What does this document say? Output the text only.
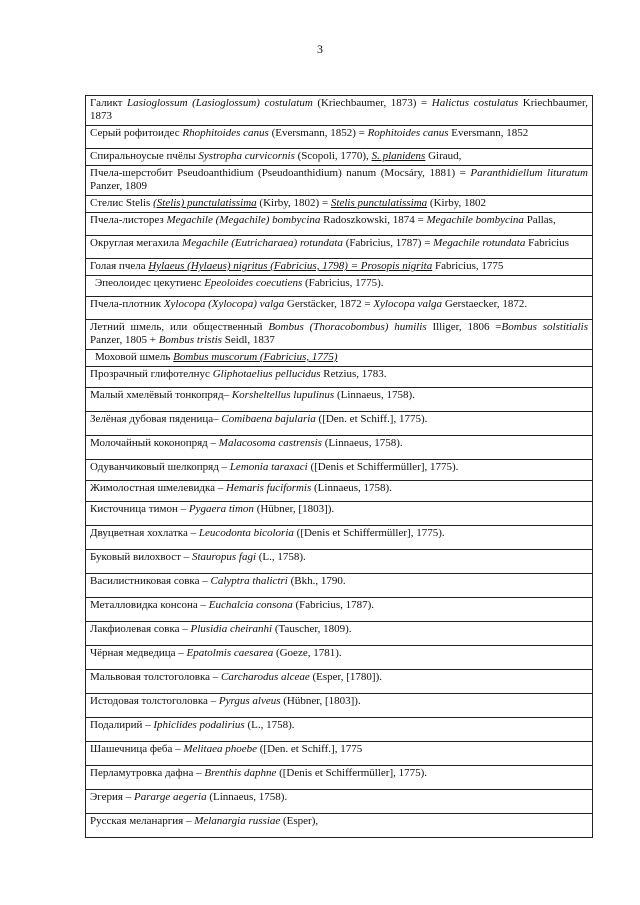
3
Галикт Lasioglossum (Lasioglossum) costulatum (Kriechbaumer, 1873) = Halictus costulatus Kriechbaumer, 1873
Серый рофитоидес Rhophitoides canus (Eversmann, 1852) = Rophitoides canus Eversmann, 1852
Спиральноусые пчёлы Systropha curvicornis (Scopoli, 1770), S. planidens Giraud,
Пчела-шерстобит Pseudoanthidium (Pseudoanthidium) nanum (Mocsáry, 1881) = Paranthidiellum lituratum Panzer, 1809
Стелис Stelis (Stelis) punctulatissima (Kirby, 1802) = Stelis punctulatissima (Kirby, 1802
Пчела-листорез Megachile (Megachile) bombycina Radoszkowski, 1874 = Megachile bombycina Pallas,
Округлая мегахила Megachile (Eutricharaea) rotundata (Fabricius, 1787) = Megachile rotundata Fabricius
Голая пчела Hylaeus (Hylaeus) nigritus (Fabricius, 1798) = Prosopis nigrita Fabricius, 1775
Эпеолоидес цекутиенс Epeoloides coecutiens (Fabricius, 1775).
Пчела-плотник Xylocopa (Xylocopa) valga Gerstäcker, 1872 = Xylocopa valga Gerstaecker, 1872.
Летний шмель, или общественный Bombus (Thoracobombus) humilis Illiger, 1806 =Bombus solstitialis Panzer, 1805 + Bombus tristis Seidl, 1837
Моховой шмель Bombus muscorum (Fabricius, 1775)
Прозрачный глифотелнус Gliphotaelius pellucidus Retzius, 1783.
Малый хмелёвый тонкопряд– Korsheltellus lupulinus (Linnaeus, 1758).
Зелёная дубовая пяденица– Comibaena bajularia ([Den. et Schiff.], 1775).
Молочайный коконопряд – Malacosoma castrensis (Linnaeus, 1758).
Одуванчиковый шелкопряд – Lemonia taraxaci ([Denis et Schiffermüller], 1775).
Жимолостная шмелевидка – Hemaris fuciformis (Linnaeus, 1758).
Кисточница тимон – Pygaera timon (Hübner, [1803]).
Двуцветная хохлатка – Leucodonta bicoloria ([Denis et Schiffermüller], 1775).
Буковый вилохвост – Stauropus fagi (L., 1758).
Василистниковая совка – Calyptra thalictri (Bkh., 1790.
Металловидка консона – Euchalcia consona (Fabricius, 1787).
Лакфиолевая совка – Plusidia cheiranhi (Tauscher, 1809).
Чёрная медведица – Epatolmis caesarea (Goeze, 1781).
Мальвовая толстоголовка – Carcharodus alceae (Esper, [1780]).
Истодовая толстоголовка – Pyrgus alveus (Hübner, [1803]).
Подалирий – Iphiclides podalirius (L., 1758).
Шашечница феба – Melitaea phoebe ([Den. et Schiff.], 1775
Перламутровка дафна – Brenthis daphne ([Denis et Schiffermüller], 1775).
Эгерия – Pararge aegeria (Linnaeus, 1758).
Русская меланаргия – Melanargia russiae (Esper),
